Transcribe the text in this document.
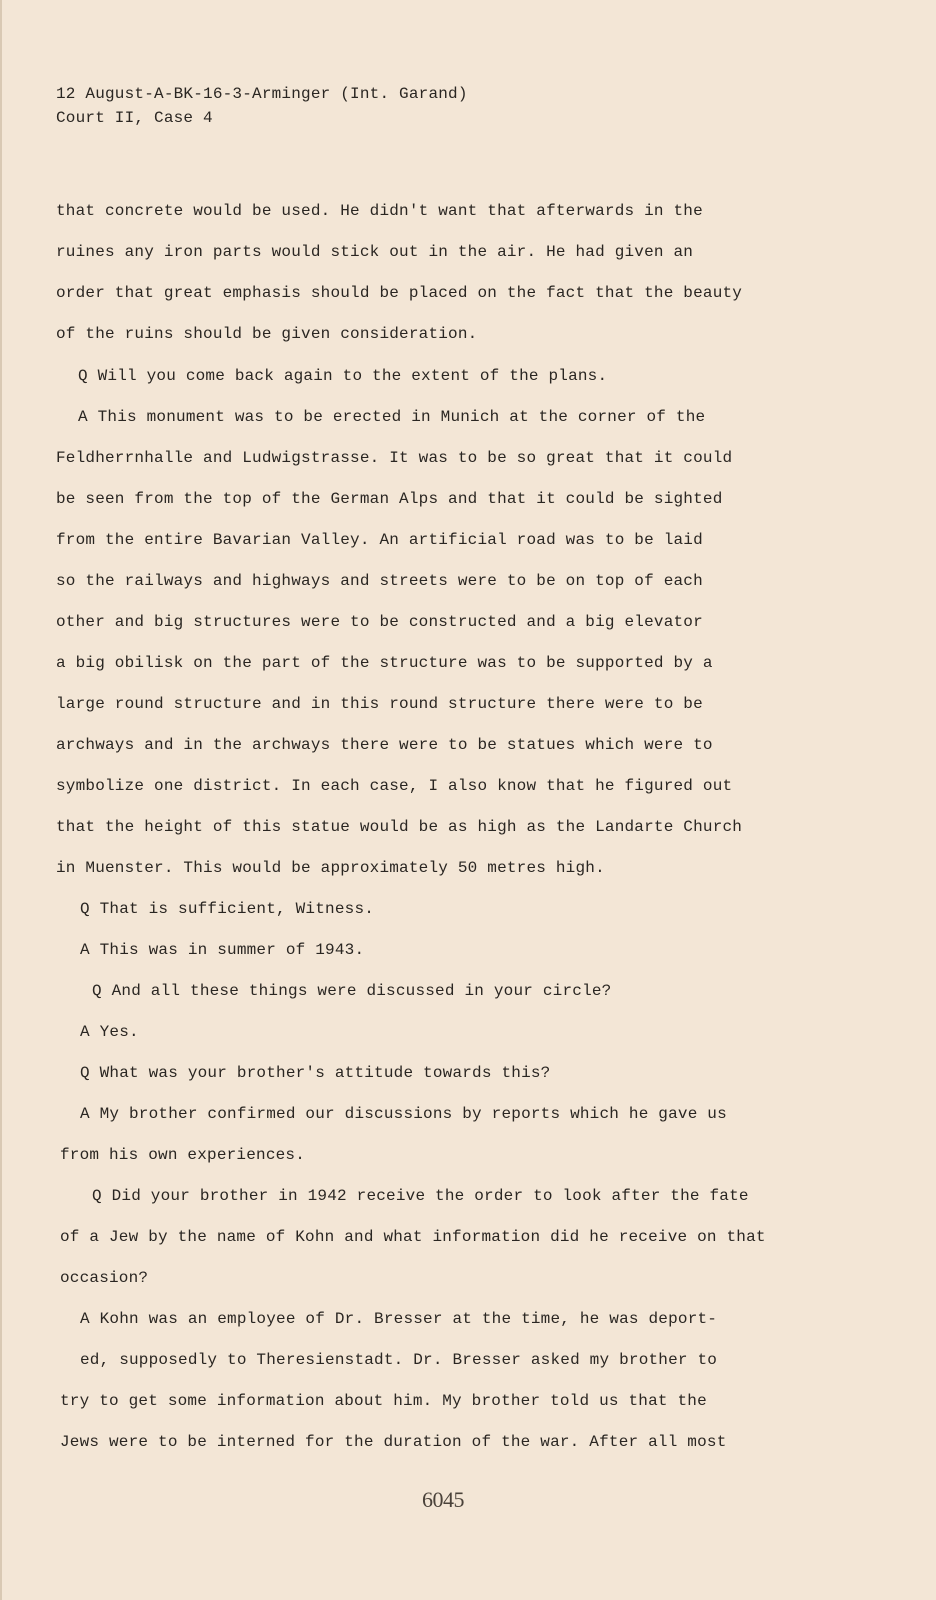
12 August-A-BK-16-3-Arminger (Int. Garand)
Court II, Case 4
that concrete would be used. He didn't want that afterwards in the
ruines any iron parts would stick out in the air. He had given an
order that great emphasis should be placed on the fact that the beauty
of the ruins should be given consideration.
Q Will you come back again to the extent of the plans.
A This monument was to be erected in Munich at the corner of the
Feldherrnhalle and Ludwigstrasse. It was to be so great that it could
be seen from the top of the German Alps and that it could be sighted
from the entire Bavarian Valley. An artificial road was to be laid
so the railways and highways and streets were to be on top of each
other and big structures were to be constructed and a big elevator
a big obilisk on the part of the structure was to be supported by a
large round structure and in this round structure there were to be
archways and in the archways there were to be statues which were to
symbolize one district. In each case, I also know that he figured out
that the height of this statue would be as high as the Landarte Church
in Muenster. This would be approximately 50 metres high.
Q That is sufficient, Witness.
A This was in summer of 1943.
Q And all these things were discussed in your circle?
A Yes.
Q What was your brother's attitude towards this?
A My brother confirmed our discussions by reports which he gave us
from his own experiences.
Q Did your brother in 1942 receive the order to look after the fate
of a Jew by the name of Kohn and what information did he receive on that
occasion?
A Kohn was an employee of Dr. Bresser at the time, he was deport-
ed, supposedly to Theresienstadt. Dr. Bresser asked my brother to
try to get some information about him. My brother told us that the
Jews were to be interned for the duration of the war. After all most
6045
